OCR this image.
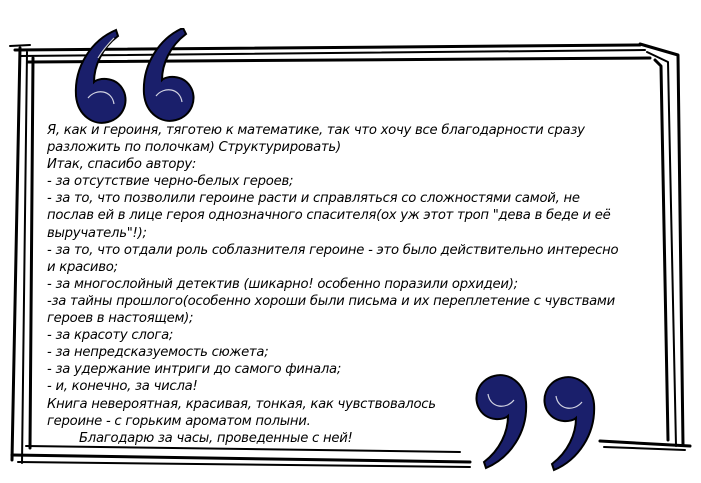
Я, как и героиня, тяготею к математике, так что хочу все благодарности сразу
разложить по полочкам) Структурировать)
Итак, спасибо автору:
- за отсутствие черно-белых героев;
- за то, что позволили героине расти и справляться со сложностями самой, не
послав ей в лице героя однозначного спасителя(ох уж этот троп "дева в беде и её
выручатель"!);
- за то, что отдали роль соблазнителя героине - это было действительно интересно
и красиво;
- за многослойный детектив (шикарно! особенно поразили орхидеи);
-за тайны прошлого(особенно хороши были письма и их переплетение с чувствами
героев в настоящем);
- за красоту слога;
- за непредсказуемость сюжета;
- за удержание интриги до самого финала;
- и, конечно, за числа!
Книга невероятная, красивая, тонкая, как чувствовалось
героине - с горьким ароматом полыни.
Благодарю за часы, проведенные с ней!
